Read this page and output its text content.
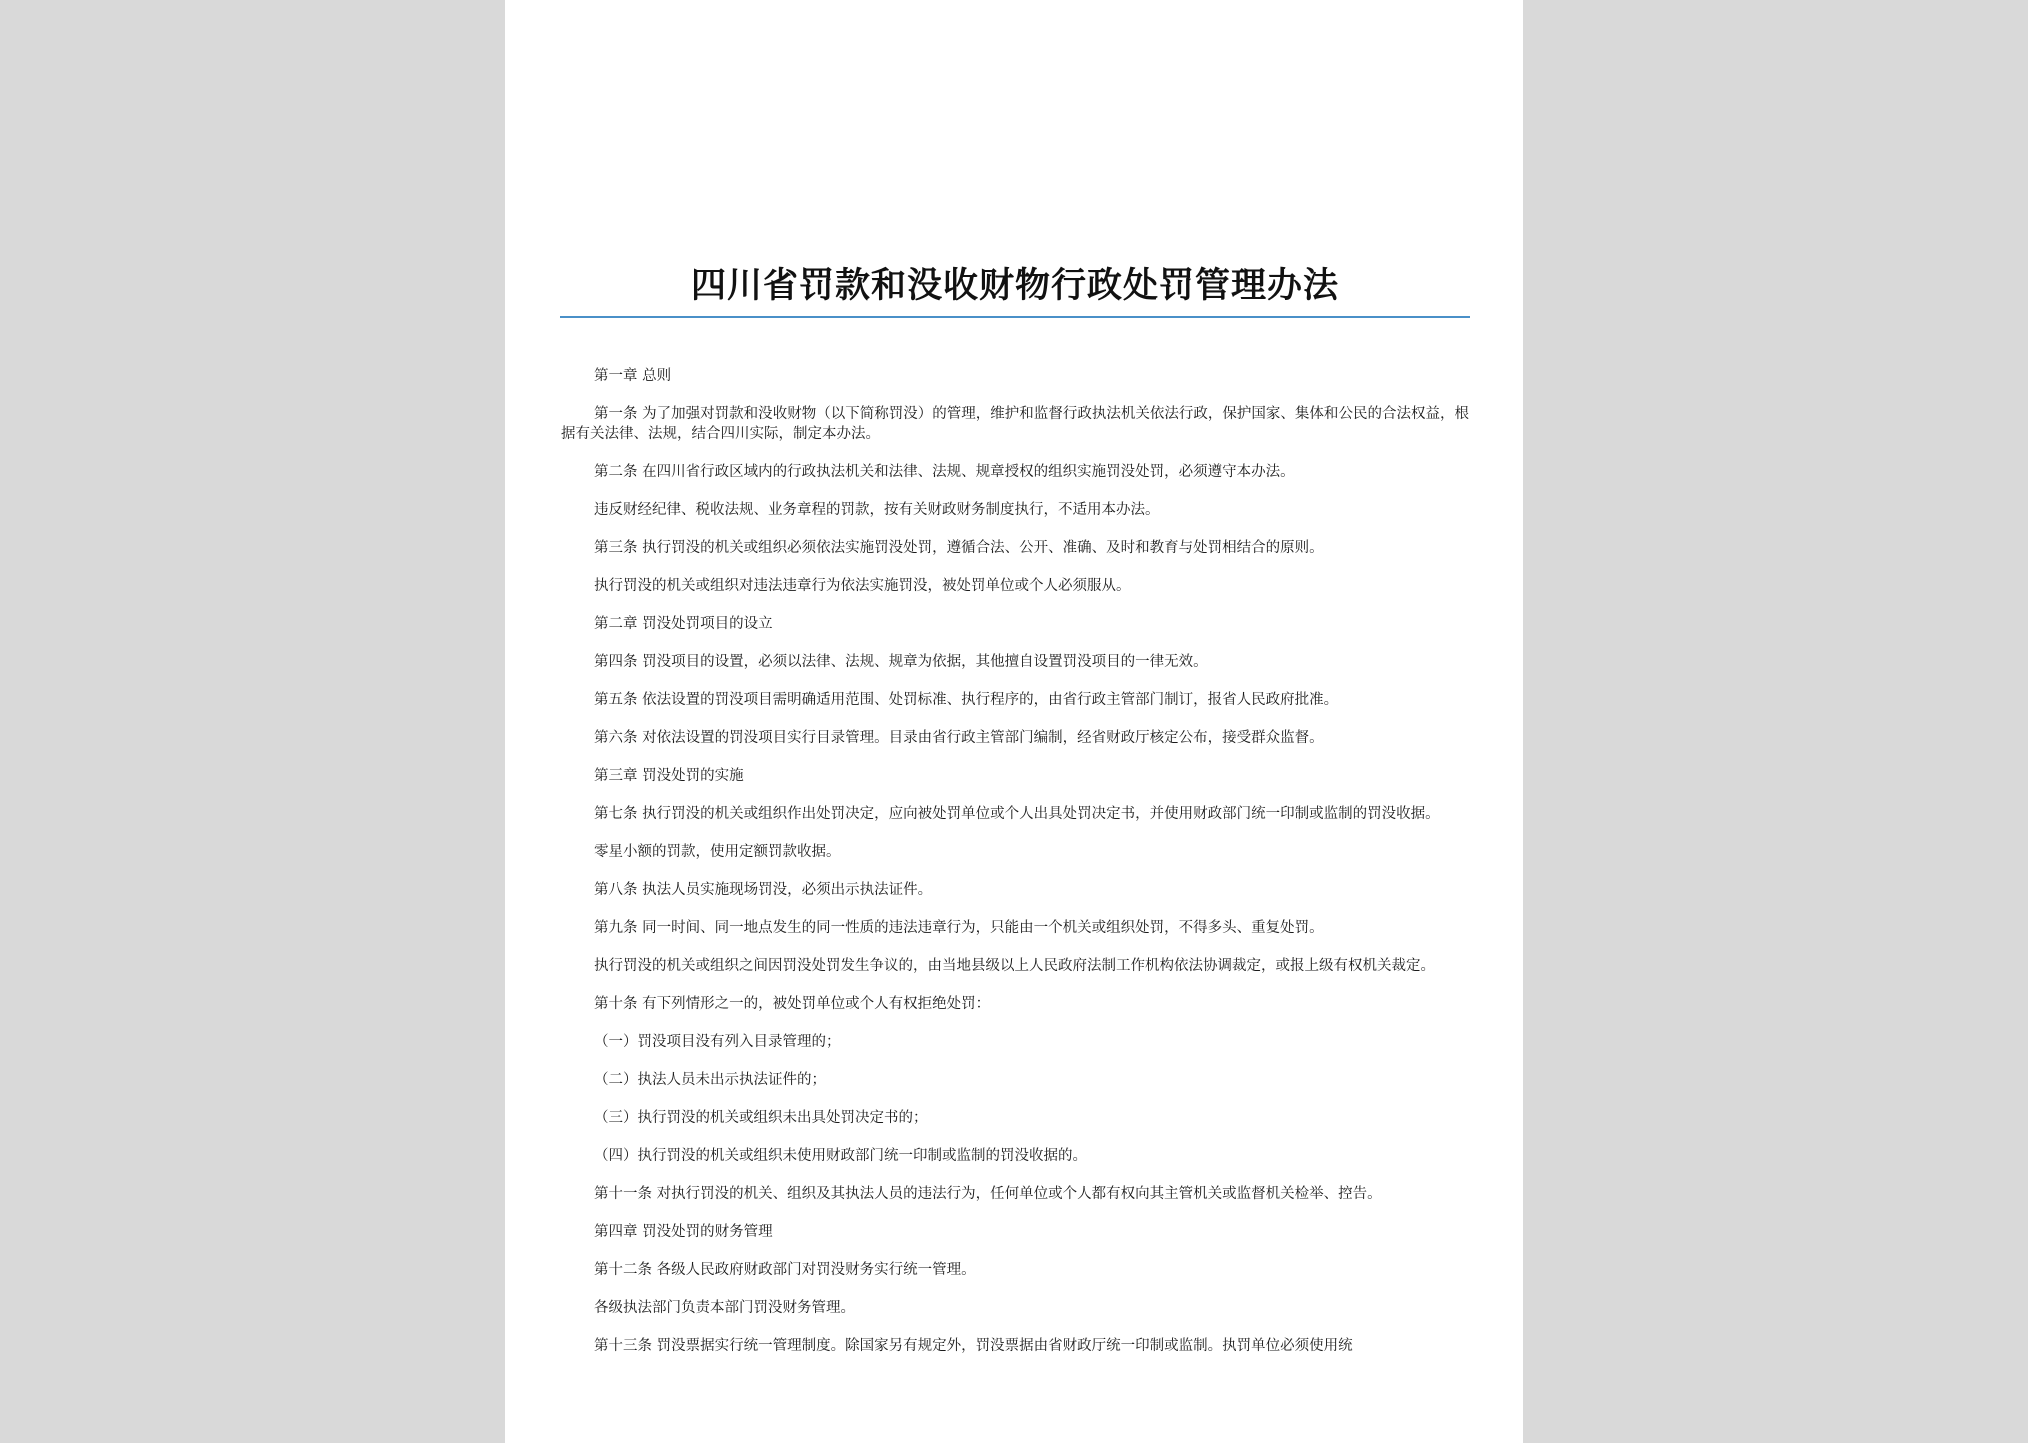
四川省罚款和没收财物行政处罚管理办法

第一章 总则

第一条 为了加强对罚款和没收财物（以下简称罚没）的管理，维护和监督行政执法机关依法行政，保护国家、集体和公民的合法权益，根据有关法律、法规，结合四川实际，制定本办法。

第二条 在四川省行政区域内的行政执法机关和法律、法规、规章授权的组织实施罚没处罚，必须遵守本办法。

违反财经纪律、税收法规、业务章程的罚款，按有关财政财务制度执行，不适用本办法。

第三条 执行罚没的机关或组织必须依法实施罚没处罚，遵循合法、公开、准确、及时和教育与处罚相结合的原则。

执行罚没的机关或组织对违法违章行为依法实施罚没，被处罚单位或个人必须服从。

第二章 罚没处罚项目的设立

第四条 罚没项目的设置，必须以法律、法规、规章为依据，其他擅自设置罚没项目的一律无效。

第五条 依法设置的罚没项目需明确适用范围、处罚标准、执行程序的，由省行政主管部门制订，报省人民政府批准。

第六条 对依法设置的罚没项目实行目录管理。目录由省行政主管部门编制，经省财政厅核定公布，接受群众监督。

第三章 罚没处罚的实施

第七条 执行罚没的机关或组织作出处罚决定，应向被处罚单位或个人出具处罚决定书，并使用财政部门统一印制或监制的罚没收据。

零星小额的罚款，使用定额罚款收据。

第八条 执法人员实施现场罚没，必须出示执法证件。

第九条 同一时间、同一地点发生的同一性质的违法违章行为，只能由一个机关或组织处罚，不得多头、重复处罚。

执行罚没的机关或组织之间因罚没处罚发生争议的，由当地县级以上人民政府法制工作机构依法协调裁定，或报上级有权机关裁定。

第十条 有下列情形之一的，被处罚单位或个人有权拒绝处罚：

（一）罚没项目没有列入目录管理的；

（二）执法人员未出示执法证件的；

（三）执行罚没的机关或组织未出具处罚决定书的；

（四）执行罚没的机关或组织未使用财政部门统一印制或监制的罚没收据的。

第十一条 对执行罚没的机关、组织及其执法人员的违法行为，任何单位或个人都有权向其主管机关或监督机关检举、控告。

第四章 罚没处罚的财务管理

第十二条 各级人民政府财政部门对罚没财务实行统一管理。

各级执法部门负责本部门罚没财务管理。

第十三条 罚没票据实行统一管理制度。除国家另有规定外，罚没票据由省财政厅统一印制或监制。执罚单位必须使用统
